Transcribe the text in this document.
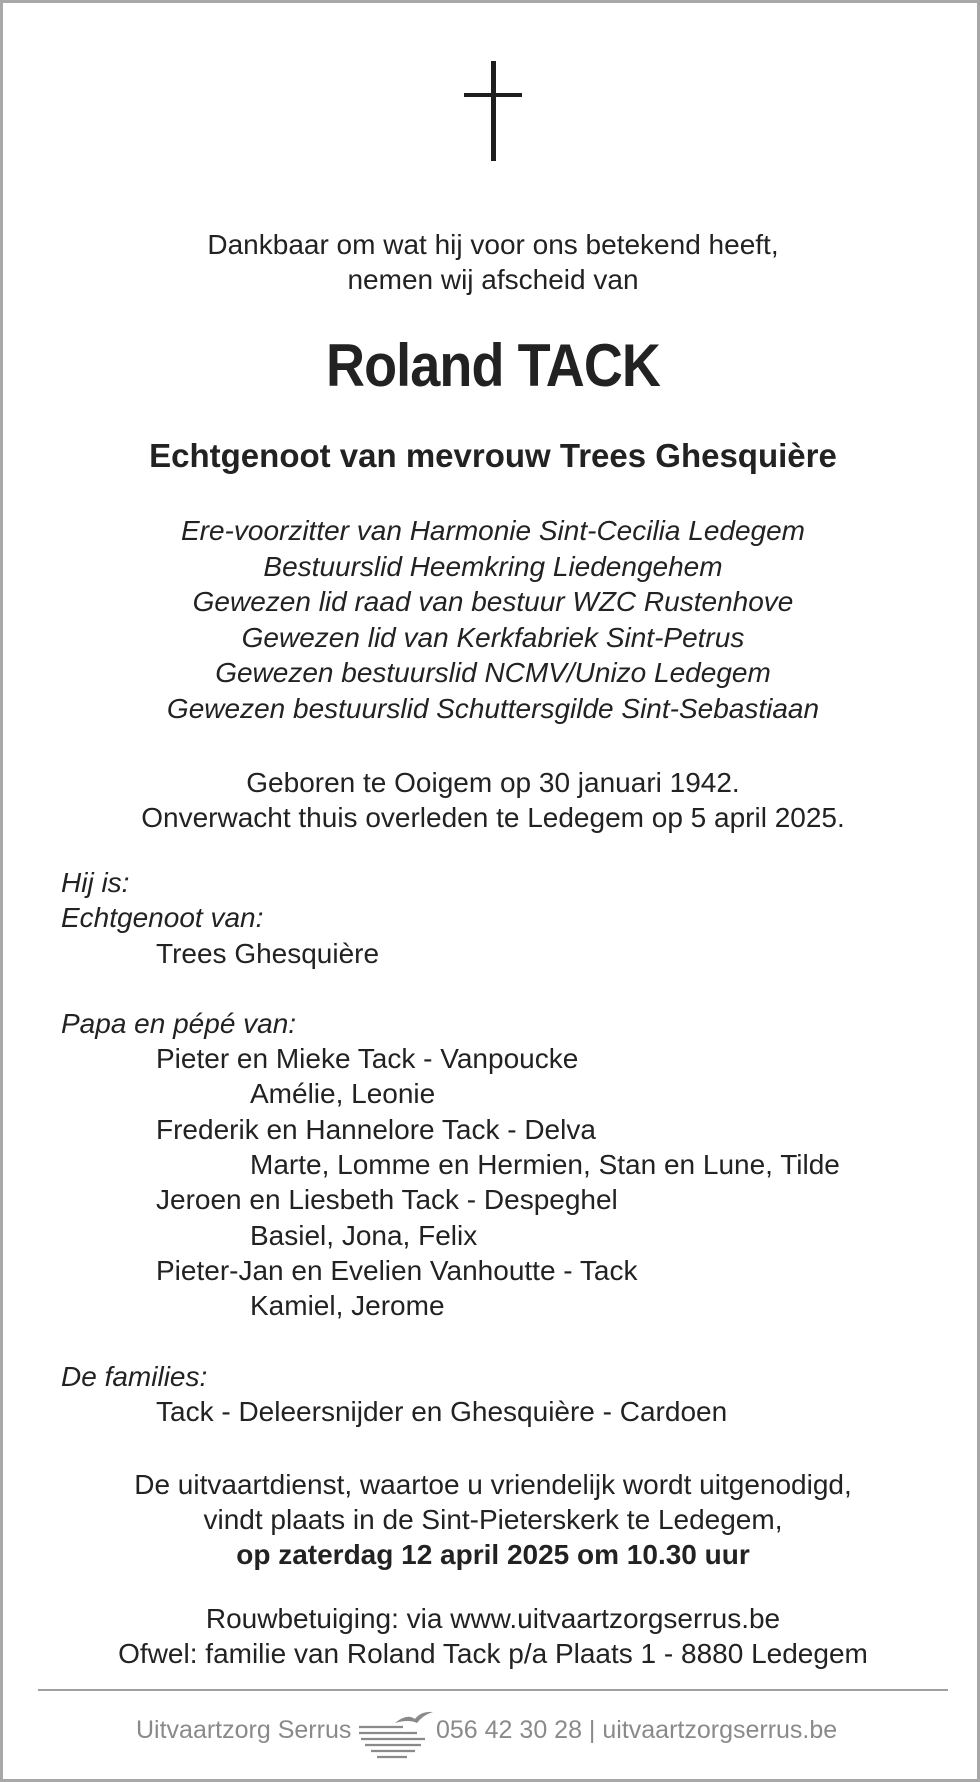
Dankbaar om wat hij voor ons betekend heeft,
nemen wij afscheid van
Roland TACK
Echtgenoot van mevrouw Trees Ghesquière
Ere-voorzitter van Harmonie Sint-Cecilia Ledegem
Bestuurslid Heemkring Liedengehem
Gewezen lid raad van bestuur WZC Rustenhove
Gewezen lid van Kerkfabriek Sint-Petrus
Gewezen bestuurslid NCMV/Unizo Ledegem
Gewezen bestuurslid Schuttersgilde Sint-Sebastiaan
Geboren te Ooigem op 30 januari 1942.
Onverwacht thuis overleden te Ledegem op 5 april 2025.
Hij is:
Echtgenoot van:
Trees Ghesquière
Papa en pépé van:
Pieter en Mieke Tack - Vanpoucke
Amélie, Leonie
Frederik en Hannelore Tack - Delva
Marte, Lomme en Hermien, Stan en Lune, Tilde
Jeroen en Liesbeth Tack - Despeghel
Basiel, Jona, Felix
Pieter-Jan en Evelien Vanhoutte - Tack
Kamiel, Jerome
De families:
Tack - Deleersnijder en Ghesquière - Cardoen
De uitvaartdienst, waartoe u vriendelijk wordt uitgenodigd,
vindt plaats in de Sint-Pieterskerk te Ledegem,
op zaterdag 12 april 2025 om 10.30 uur
Rouwbetuiging: via www.uitvaartzorgserrus.be
Ofwel: familie van Roland Tack p/a Plaats 1 - 8880 Ledegem
Uitvaartzorg Serrus	056 42 30 28 | uitvaartzorgserrus.be
